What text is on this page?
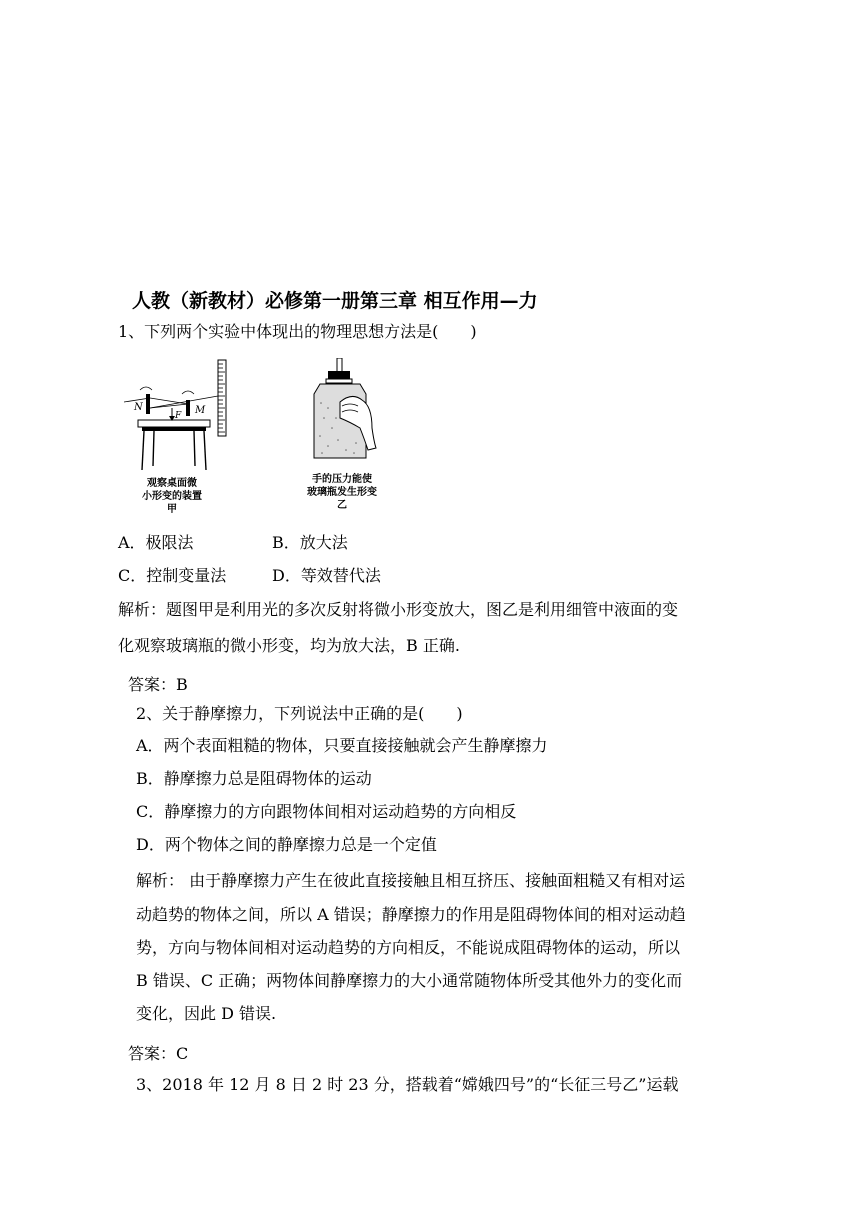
人教（新教材）必修第一册第三章 相互作用—力
1、下列两个实验中体现出的物理思想方法是(　　)
N	M
F
观察桌面微
小形变的装置
甲
手的压力能使
玻璃瓶发生形变
乙
A．极限法	B．放大法
C．控制变量法	D．等效替代法
解析：题图甲是利用光的多次反射将微小形变放大，图乙是利用细管中液面的变
化观察玻璃瓶的微小形变，均为放大法，B 正确.
答案：B
2、关于静摩擦力，下列说法中正确的是(　　)
A．两个表面粗糙的物体，只要直接接触就会产生静摩擦力
B．静摩擦力总是阻碍物体的运动
C．静摩擦力的方向跟物体间相对运动趋势的方向相反
D．两个物体之间的静摩擦力总是一个定值
解析： 由于静摩擦力产生在彼此直接接触且相互挤压、接触面粗糙又有相对运
动趋势的物体之间，所以 A 错误；静摩擦力的作用是阻碍物体间的相对运动趋
势，方向与物体间相对运动趋势的方向相反，不能说成阻碍物体的运动，所以
B 错误、C 正确；两物体间静摩擦力的大小通常随物体所受其他外力的变化而
变化，因此 D 错误.
答案：C
3、2018 年 12 月 8 日 2 时 23 分，搭载着“嫦娥四号”的“长征三号乙”运载
